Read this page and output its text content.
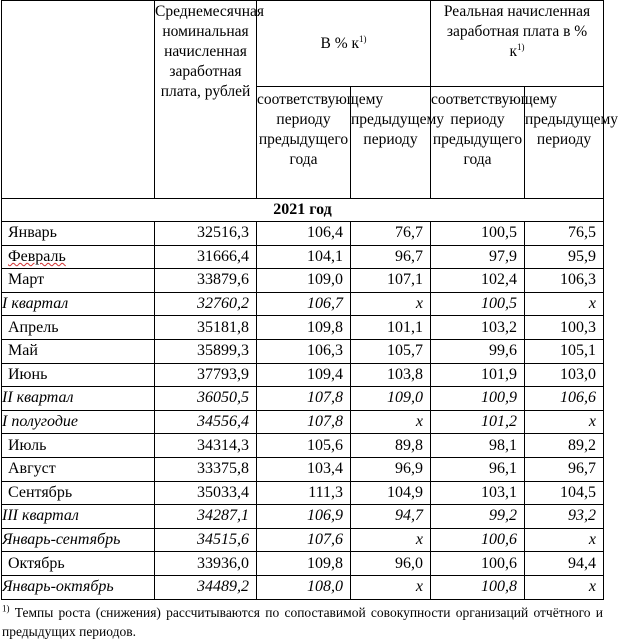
	Среднемесячная номинальная начисленная заработная плата, рублей	В % $к^{1)}$		Реальная начисленная заработная плата в % $к^{1)}$
		соответствующему периоду предыдущего года	предыдущему периоду	соответствующему периоду предыдущего года	предыдущему периоду
2021 год					
Январь	32516,3	106,4	76,7	100,5	76,5
Февраль	31666,4	104,1	96,7	97,9	95,9
Март	33879,6	109,0	107,1	102,4	106,3
I квартал	32760,2	106,7	x	100,5	x
Апрель	35181,8	109,8	101,1	103,2	100,3
Май	35899,3	106,3	105,7	99,6	105,1
Июнь	37793,9	109,4	103,8	101,9	103,0
II квартал	36050,5	107,8	109,0	100,9	106,6
I полугодие	34556,4	107,8	x	101,2	x
Июль	34314,3	105,6	89,8	98,1	89,2
Август	33375,8	103,4	96,9	96,1	96,7
Сентябрь	35033,4	111,3	104,9	103,1	104,5
III квартал	34287,1	106,9	94,7	99,2	93,2
Январь-сентябрь	34515,6	107,6	x	100,6	x
Октябрь	33936,0	109,8	96,0	100,6	94,4
Январь-октябрь	34489,2	108,0	x	100,8	x
$^{1)}$ Темпы роста (снижения) рассчитываются по сопоставимой совокупности организаций отчётного и предыдущих периодов.
